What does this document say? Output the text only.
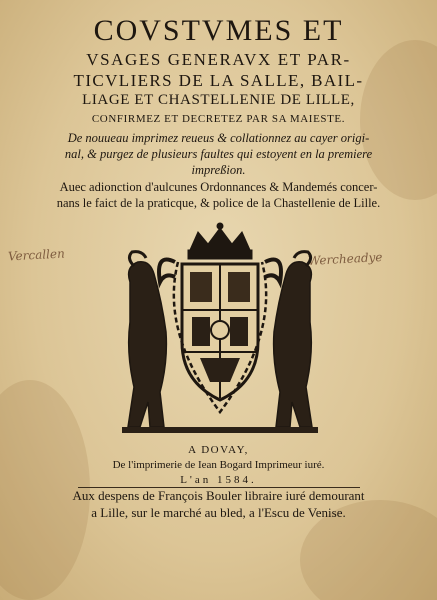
COVSTVMES ET
VSAGES GENERAVX ET PAR-
TICVLIERS DE LA SALLE, BAIL-
LIAGE ET CHASTELLENIE DE LILLE,
CONFIRMEZ ET DECRETEZ PAR SA MAIESTE.
De nouueau imprimez reueus & collationnez au cayer origi-
nal, & purgez de plusieurs faultes qui estoyent en la premiere
impreßion.
Auec adionction d'aulcunes Ordonnances & Mandemés concer-
nans le faict de la praticque, & police de la Chastellenie de Lille.
Vercallen	Wercheadye
A DOVAY,
De l'imprimerie de Iean Bogard Imprimeur iuré.
L'an 1584.
Aux despens de François Bouler libraire iuré demourant
a Lille, sur le marché au bled, a l'Escu de Venise.
